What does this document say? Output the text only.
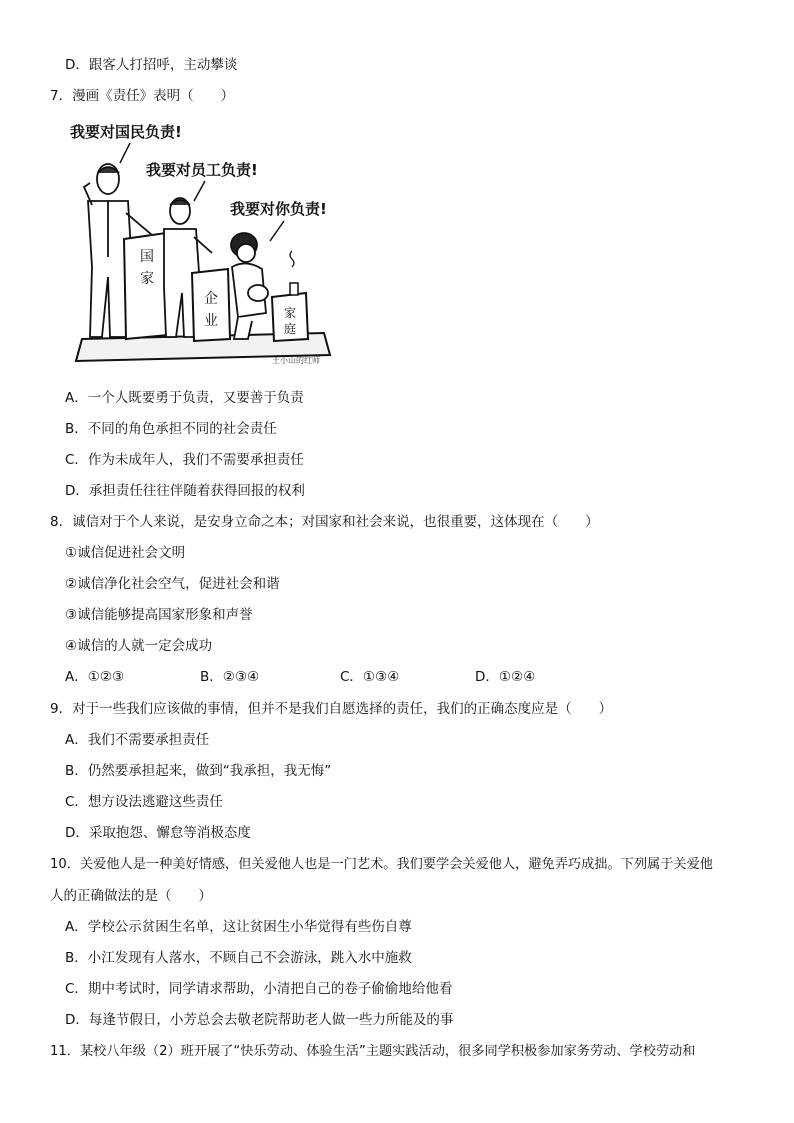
D．跟客人打招呼，主动攀谈
7．漫画《责任》表明（　　）
我要对国民负责!
我要对员工负责!
我要对你负责!
国
家
企
业	家
庭
王小山的红师
A．一个人既要勇于负责，又要善于负责
B．不同的角色承担不同的社会责任
C．作为未成年人，我们不需要承担责任
D．承担责任往往伴随着获得回报的权利
8．诚信对于个人来说，是安身立命之本；对国家和社会来说，也很重要，这体现在（　　）
①诚信促进社会文明
②诚信净化社会空气，促进社会和谐
③诚信能够提高国家形象和声誉
④诚信的人就一定会成功
A．①②③	B．②③④	C．①③④	D．①②④
9．对于一些我们应该做的事情，但并不是我们自愿选择的责任，我们的正确态度应是（　　）
A．我们不需要承担责任
B．仍然要承担起来，做到“我承担，我无悔”
C．想方设法逃避这些责任
D．采取抱怨、懈怠等消极态度
10．关爱他人是一种美好情感，但关爱他人也是一门艺术。我们要学会关爱他人，避免弄巧成拙。下列属于关爱他
人的正确做法的是（　　）
A．学校公示贫困生名单，这让贫困生小华觉得有些伤自尊
B．小江发现有人落水，不顾自己不会游泳，跳入水中施救
C．期中考试时，同学请求帮助，小清把自己的卷子偷偷地给他看
D．每逢节假日，小芳总会去敬老院帮助老人做一些力所能及的事
11．某校八年级（2）班开展了“快乐劳动、体验生活”主题实践活动，很多同学积极参加家务劳动、学校劳动和
